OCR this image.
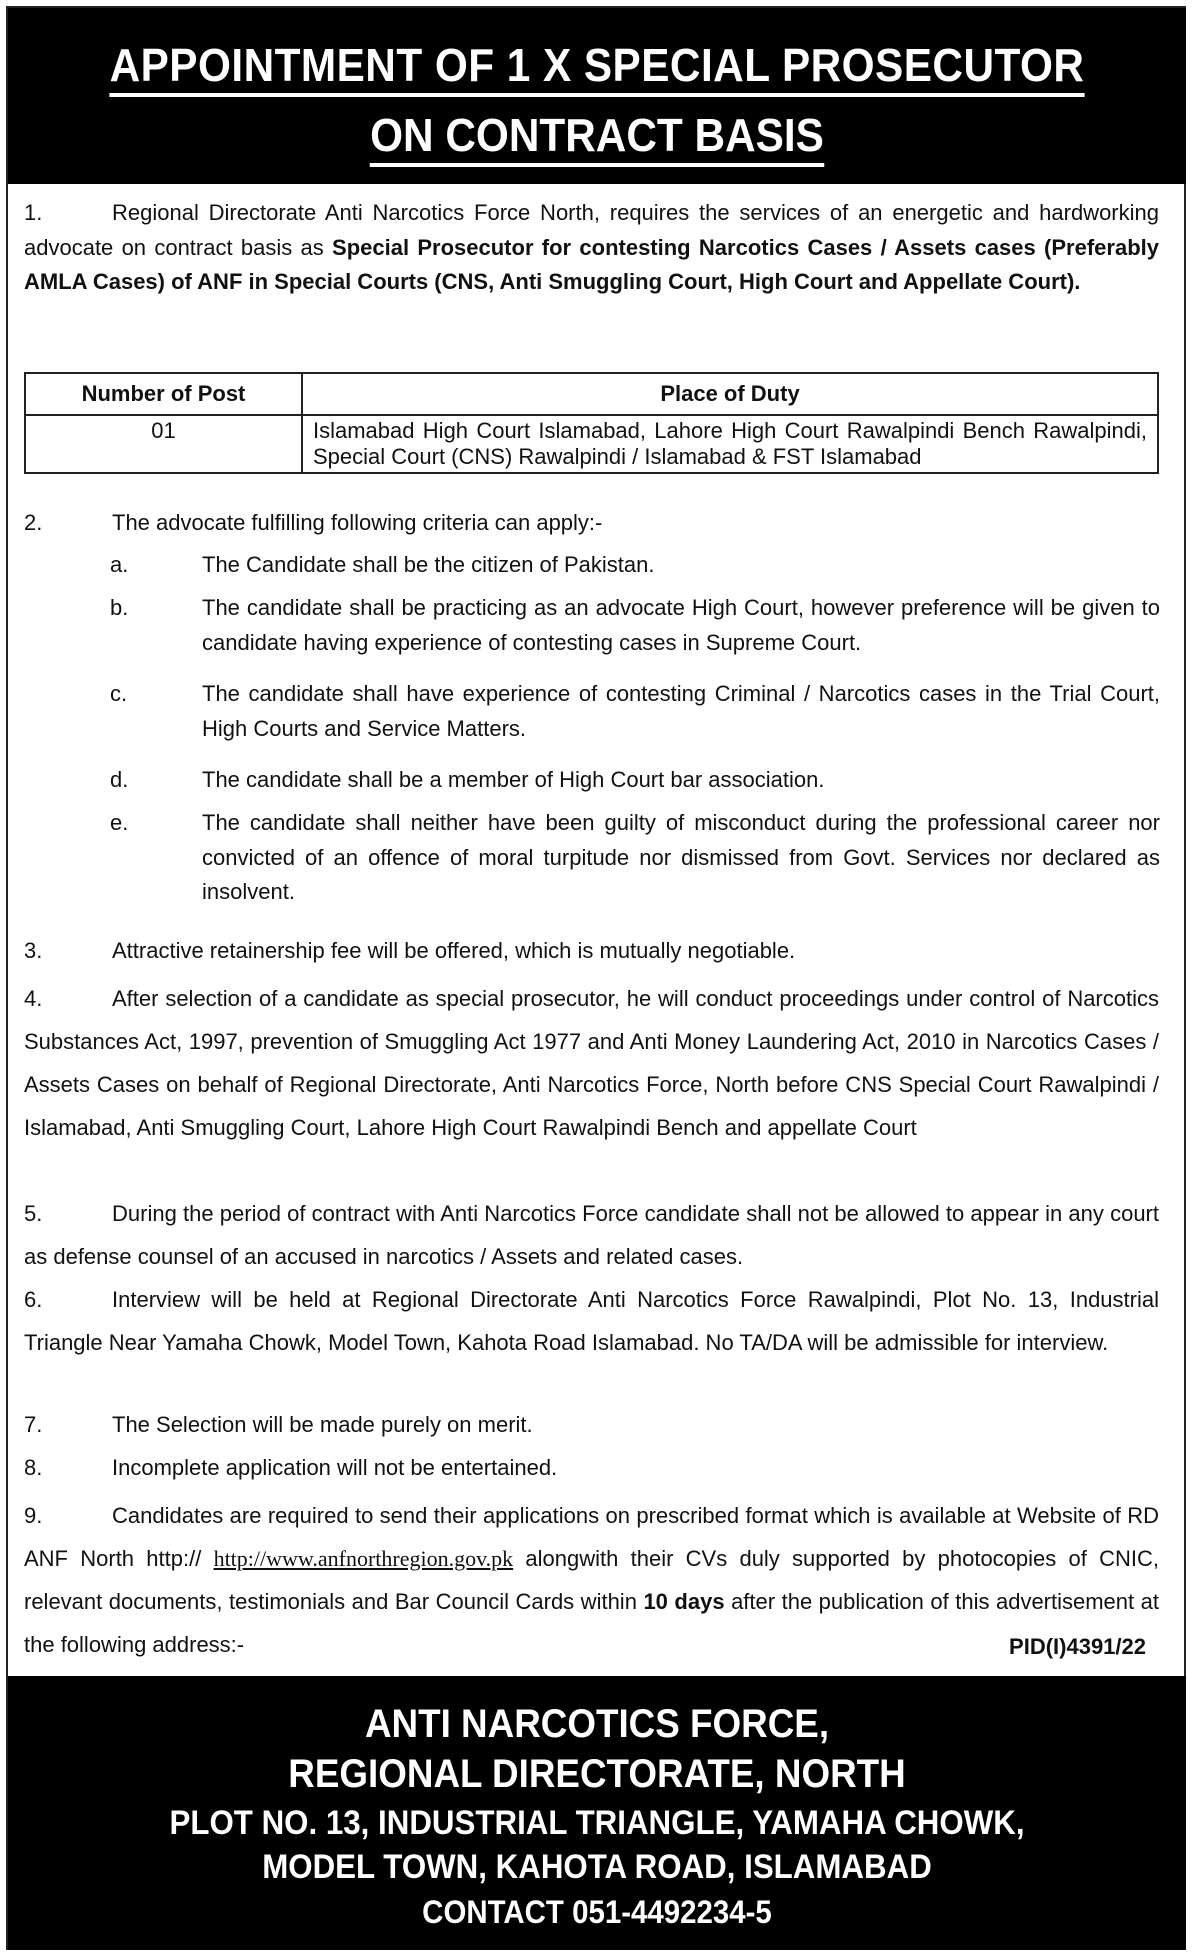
APPOINTMENT OF 1 X SPECIAL PROSECUTOR
ON CONTRACT BASIS
1.	Regional Directorate Anti Narcotics Force North, requires the services of an energetic and hardworking advocate on contract basis as Special Prosecutor for contesting Narcotics Cases / Assets cases (Preferably AMLA Cases) of ANF in Special Courts (CNS, Anti Smuggling Court, High Court and Appellate Court).
Number of Post	Place of Duty
01	Islamabad High Court Islamabad, Lahore High Court Rawalpindi Bench Rawalpindi, Special Court (CNS) Rawalpindi / Islamabad & FST Islamabad
2.	The advocate fulfilling following criteria can apply:-
a.	The Candidate shall be the citizen of Pakistan.
b.	The candidate shall be practicing as an advocate High Court, however preference will be given to candidate having experience of contesting cases in Supreme Court.
c.	The candidate shall have experience of contesting Criminal / Narcotics cases in the Trial Court, High Courts and Service Matters.
d.	The candidate shall be a member of High Court bar association.
e.	The candidate shall neither have been guilty of misconduct during the professional career nor convicted of an offence of moral turpitude nor dismissed from Govt. Services nor declared as insolvent.
3.	Attractive retainership fee will be offered, which is mutually negotiable.
4.	After selection of a candidate as special prosecutor, he will conduct proceedings under control of Narcotics Substances Act, 1997, prevention of Smuggling Act 1977 and Anti Money Laundering Act, 2010 in Narcotics Cases / Assets Cases on behalf of Regional Directorate, Anti Narcotics Force, North before CNS Special Court Rawalpindi / Islamabad, Anti Smuggling Court, Lahore High Court Rawalpindi Bench and appellate Court
5.	During the period of contract with Anti Narcotics Force candidate shall not be allowed to appear in any court as defense counsel of an accused in narcotics / Assets and related cases.
6.	Interview will be held at Regional Directorate Anti Narcotics Force Rawalpindi, Plot No. 13, Industrial Triangle Near Yamaha Chowk, Model Town, Kahota Road Islamabad. No TA/DA will be admissible for interview.
7.	The Selection will be made purely on merit.
8.	Incomplete application will not be entertained.
9.	Candidates are required to send their applications on prescribed format which is available at Website of RD ANF North http:// http://www.anfnorthregion.gov.pk alongwith their CVs duly supported by photocopies of CNIC, relevant documents, testimonials and Bar Council Cards within 10 days after the publication of this advertisement at the following address:-	PID(I)4391/22
ANTI NARCOTICS FORCE,
REGIONAL DIRECTORATE, NORTH
PLOT NO. 13, INDUSTRIAL TRIANGLE, YAMAHA CHOWK,
MODEL TOWN, KAHOTA ROAD, ISLAMABAD
CONTACT 051-4492234-5
